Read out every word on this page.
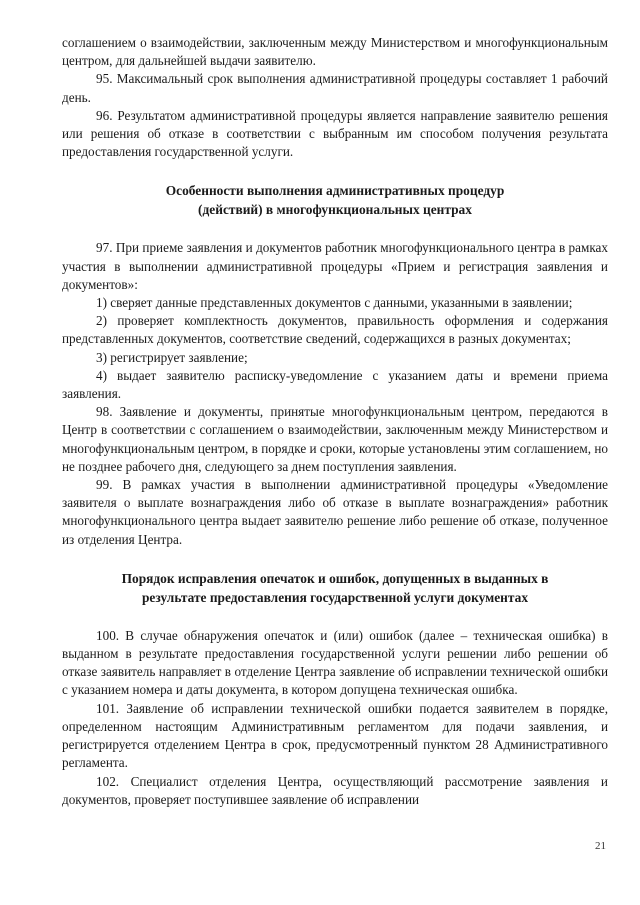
соглашением о взаимодействии, заключенным между Министерством и многофункциональным центром, для дальнейшей выдачи заявителю.

95. Максимальный срок выполнения административной процедуры составляет 1 рабочий день.

96. Результатом административной процедуры является направление заявителю решения или решения об отказе в соответствии с выбранным им способом получения результата предоставления государственной услуги.

Особенности выполнения административных процедур
(действий) в многофункциональных центрах

97. При приеме заявления и документов работник многофункционального центра в рамках участия в выполнении административной процедуры «Прием и регистрация заявления и документов»:

1) сверяет данные представленных документов с данными, указанными в заявлении;

2) проверяет комплектность документов, правильность оформления и содержания представленных документов, соответствие сведений, содержащихся в разных документах;

3) регистрирует заявление;

4) выдает заявителю расписку-уведомление с указанием даты и времени приема заявления.

98. Заявление и документы, принятые многофункциональным центром, передаются в Центр в соответствии с соглашением о взаимодействии, заключенным между Министерством и многофункциональным центром, в порядке и сроки, которые установлены этим соглашением, но не позднее рабочего дня, следующего за днем поступления заявления.

99. В рамках участия в выполнении административной процедуры «Уведомление заявителя о выплате вознаграждения либо об отказе в выплате вознаграждения» работник многофункционального центра выдает заявителю решение либо решение об отказе, полученное из отделения Центра.

Порядок исправления опечаток и ошибок, допущенных в выданных в
результате предоставления государственной услуги документах

100. В случае обнаружения опечаток и (или) ошибок (далее – техническая ошибка) в выданном в результате предоставления государственной услуги решении либо решении об отказе заявитель направляет в отделение Центра заявление об исправлении технической ошибки с указанием номера и даты документа, в котором допущена техническая ошибка.

101. Заявление об исправлении технической ошибки подается заявителем в порядке, определенном настоящим Административным регламентом для подачи заявления, и регистрируется отделением Центра в срок, предусмотренный пунктом 28 Административного регламента.

102. Специалист отделения Центра, осуществляющий рассмотрение заявления и документов, проверяет поступившее заявление об исправлении

21
